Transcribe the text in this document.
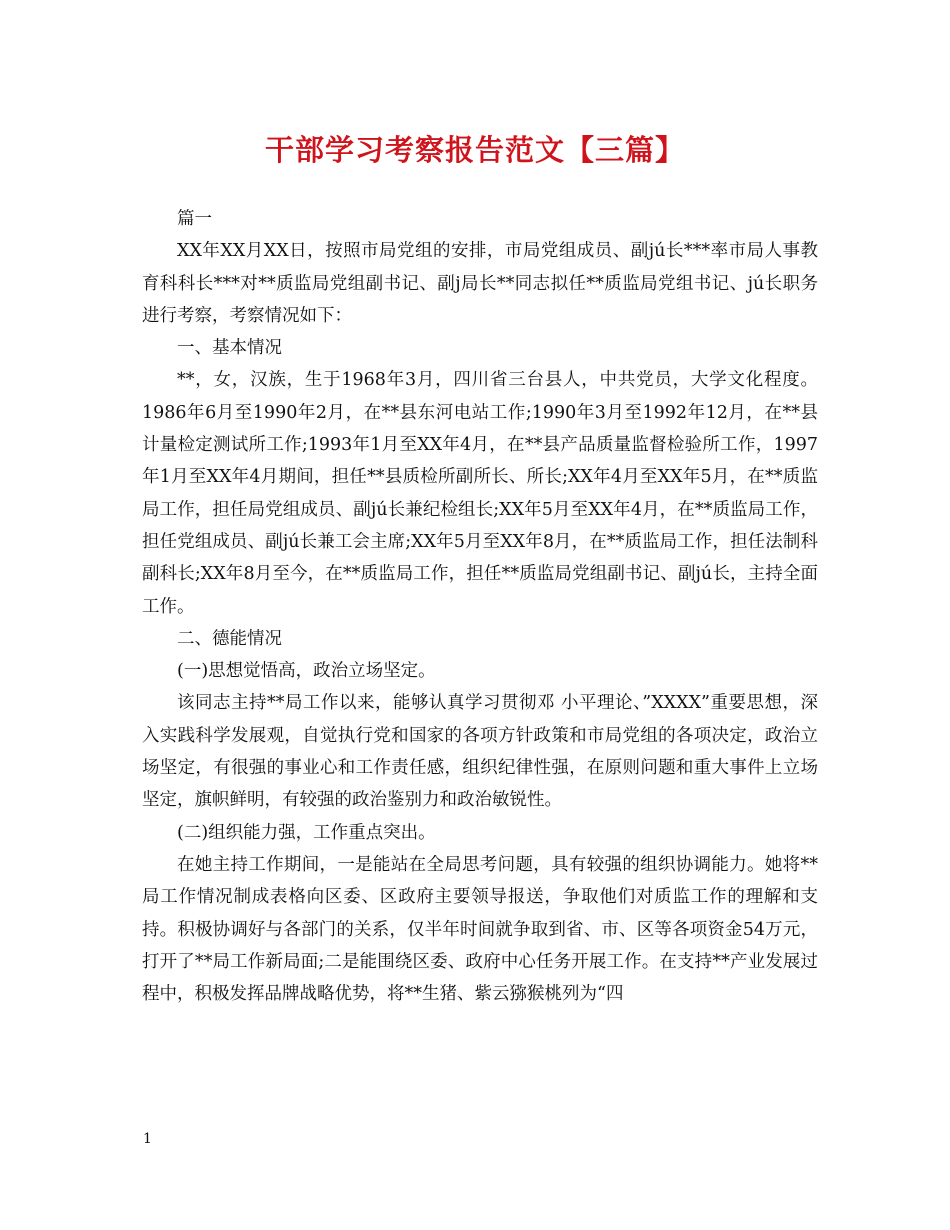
干部学习考察报告范文【三篇】

篇一

XX年XX月XX日，按照市局党组的安排，市局党组成员、副jú长***率市局人事教育科科长***对**质监局党组副书记、副j局长**同志拟任**质监局党组书记、jú长职务进行考察，考察情况如下：

一、基本情况

**，女，汉族，生于1968年3月，四川省三台县人，中共党员，大学文化程度。1986年6月至1990年2月，在**县东河电站工作;1990年3月至1992年12月，在**县计量检定测试所工作;1993年1月至XX年4月，在**县产品质量监督检验所工作，1997年1月至XX年4月期间，担任**县质检所副所长、所长;XX年4月至XX年5月，在**质监局工作，担任局党组成员、副jú长兼纪检组长;XX年5月至XX年4月，在**质监局工作，担任党组成员、副jú长兼工会主席;XX年5月至XX年8月，在**质监局工作，担任法制科副科长;XX年8月至今，在**质监局工作，担任**质监局党组副书记、副jú长，主持全面工作。

二、德能情况

(一)思想觉悟高，政治立场坚定。

该同志主持**局工作以来，能够认真学习贯彻邓 小平理论、”XXXX”重要思想，深入实践科学发展观，自觉执行党和国家的各项方针政策和市局党组的各项决定，政治立场坚定，有很强的事业心和工作责任感，组织纪律性强，在原则问题和重大事件上立场坚定，旗帜鲜明，有较强的政治鉴别力和政治敏锐性。

(二)组织能力强，工作重点突出。

在她主持工作期间，一是能站在全局思考问题，具有较强的组织协调能力。她将**局工作情况制成表格向区委、区政府主要领导报送，争取他们对质监工作的理解和支持。积极协调好与各部门的关系，仅半年时间就争取到省、市、区等各项资金54万元，打开了**局工作新局面;二是能围绕区委、政府中心任务开展工作。在支持**产业发展过程中，积极发挥品牌战略优势，将**生猪、紫云猕猴桃列为“四

1
